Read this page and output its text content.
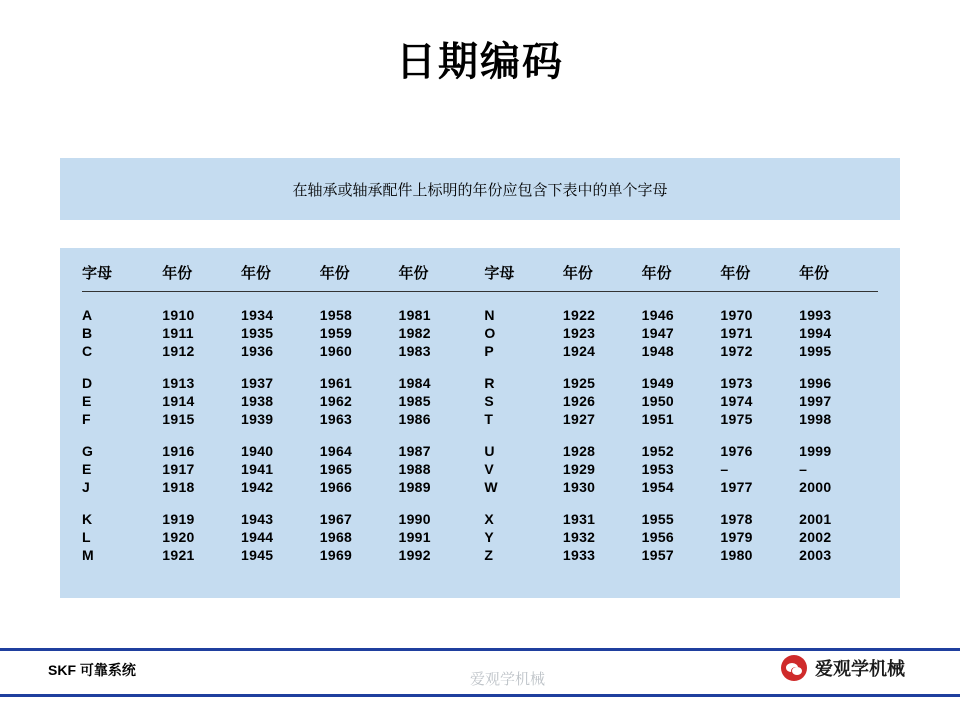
日期编码
在轴承或轴承配件上标明的年份应包含下表中的单个字母
字母	年份	年份	年份	年份	字母	年份	年份	年份	年份

A	1910	1934	1958	1981	N	1922	1946	1970	1993
B	1911	1935	1959	1982	O	1923	1947	1971	1994
C	1912	1936	1960	1983	P	1924	1948	1972	1995

D	1913	1937	1961	1984	R	1925	1949	1973	1996
E	1914	1938	1962	1985	S	1926	1950	1974	1997
F	1915	1939	1963	1986	T	1927	1951	1975	1998

G	1916	1940	1964	1987	U	1928	1952	1976	1999
E	1917	1941	1965	1988	V	1929	1953	–	–
J	1918	1942	1966	1989	W	1930	1954	1977	2000

K	1919	1943	1967	1990	X	1931	1955	1978	2001
L	1920	1944	1968	1991	Y	1932	1956	1979	2002
M	1921	1945	1969	1992	Z	1933	1957	1980	2003
SKF 可靠系统
爱观学机械
爱观学机械
